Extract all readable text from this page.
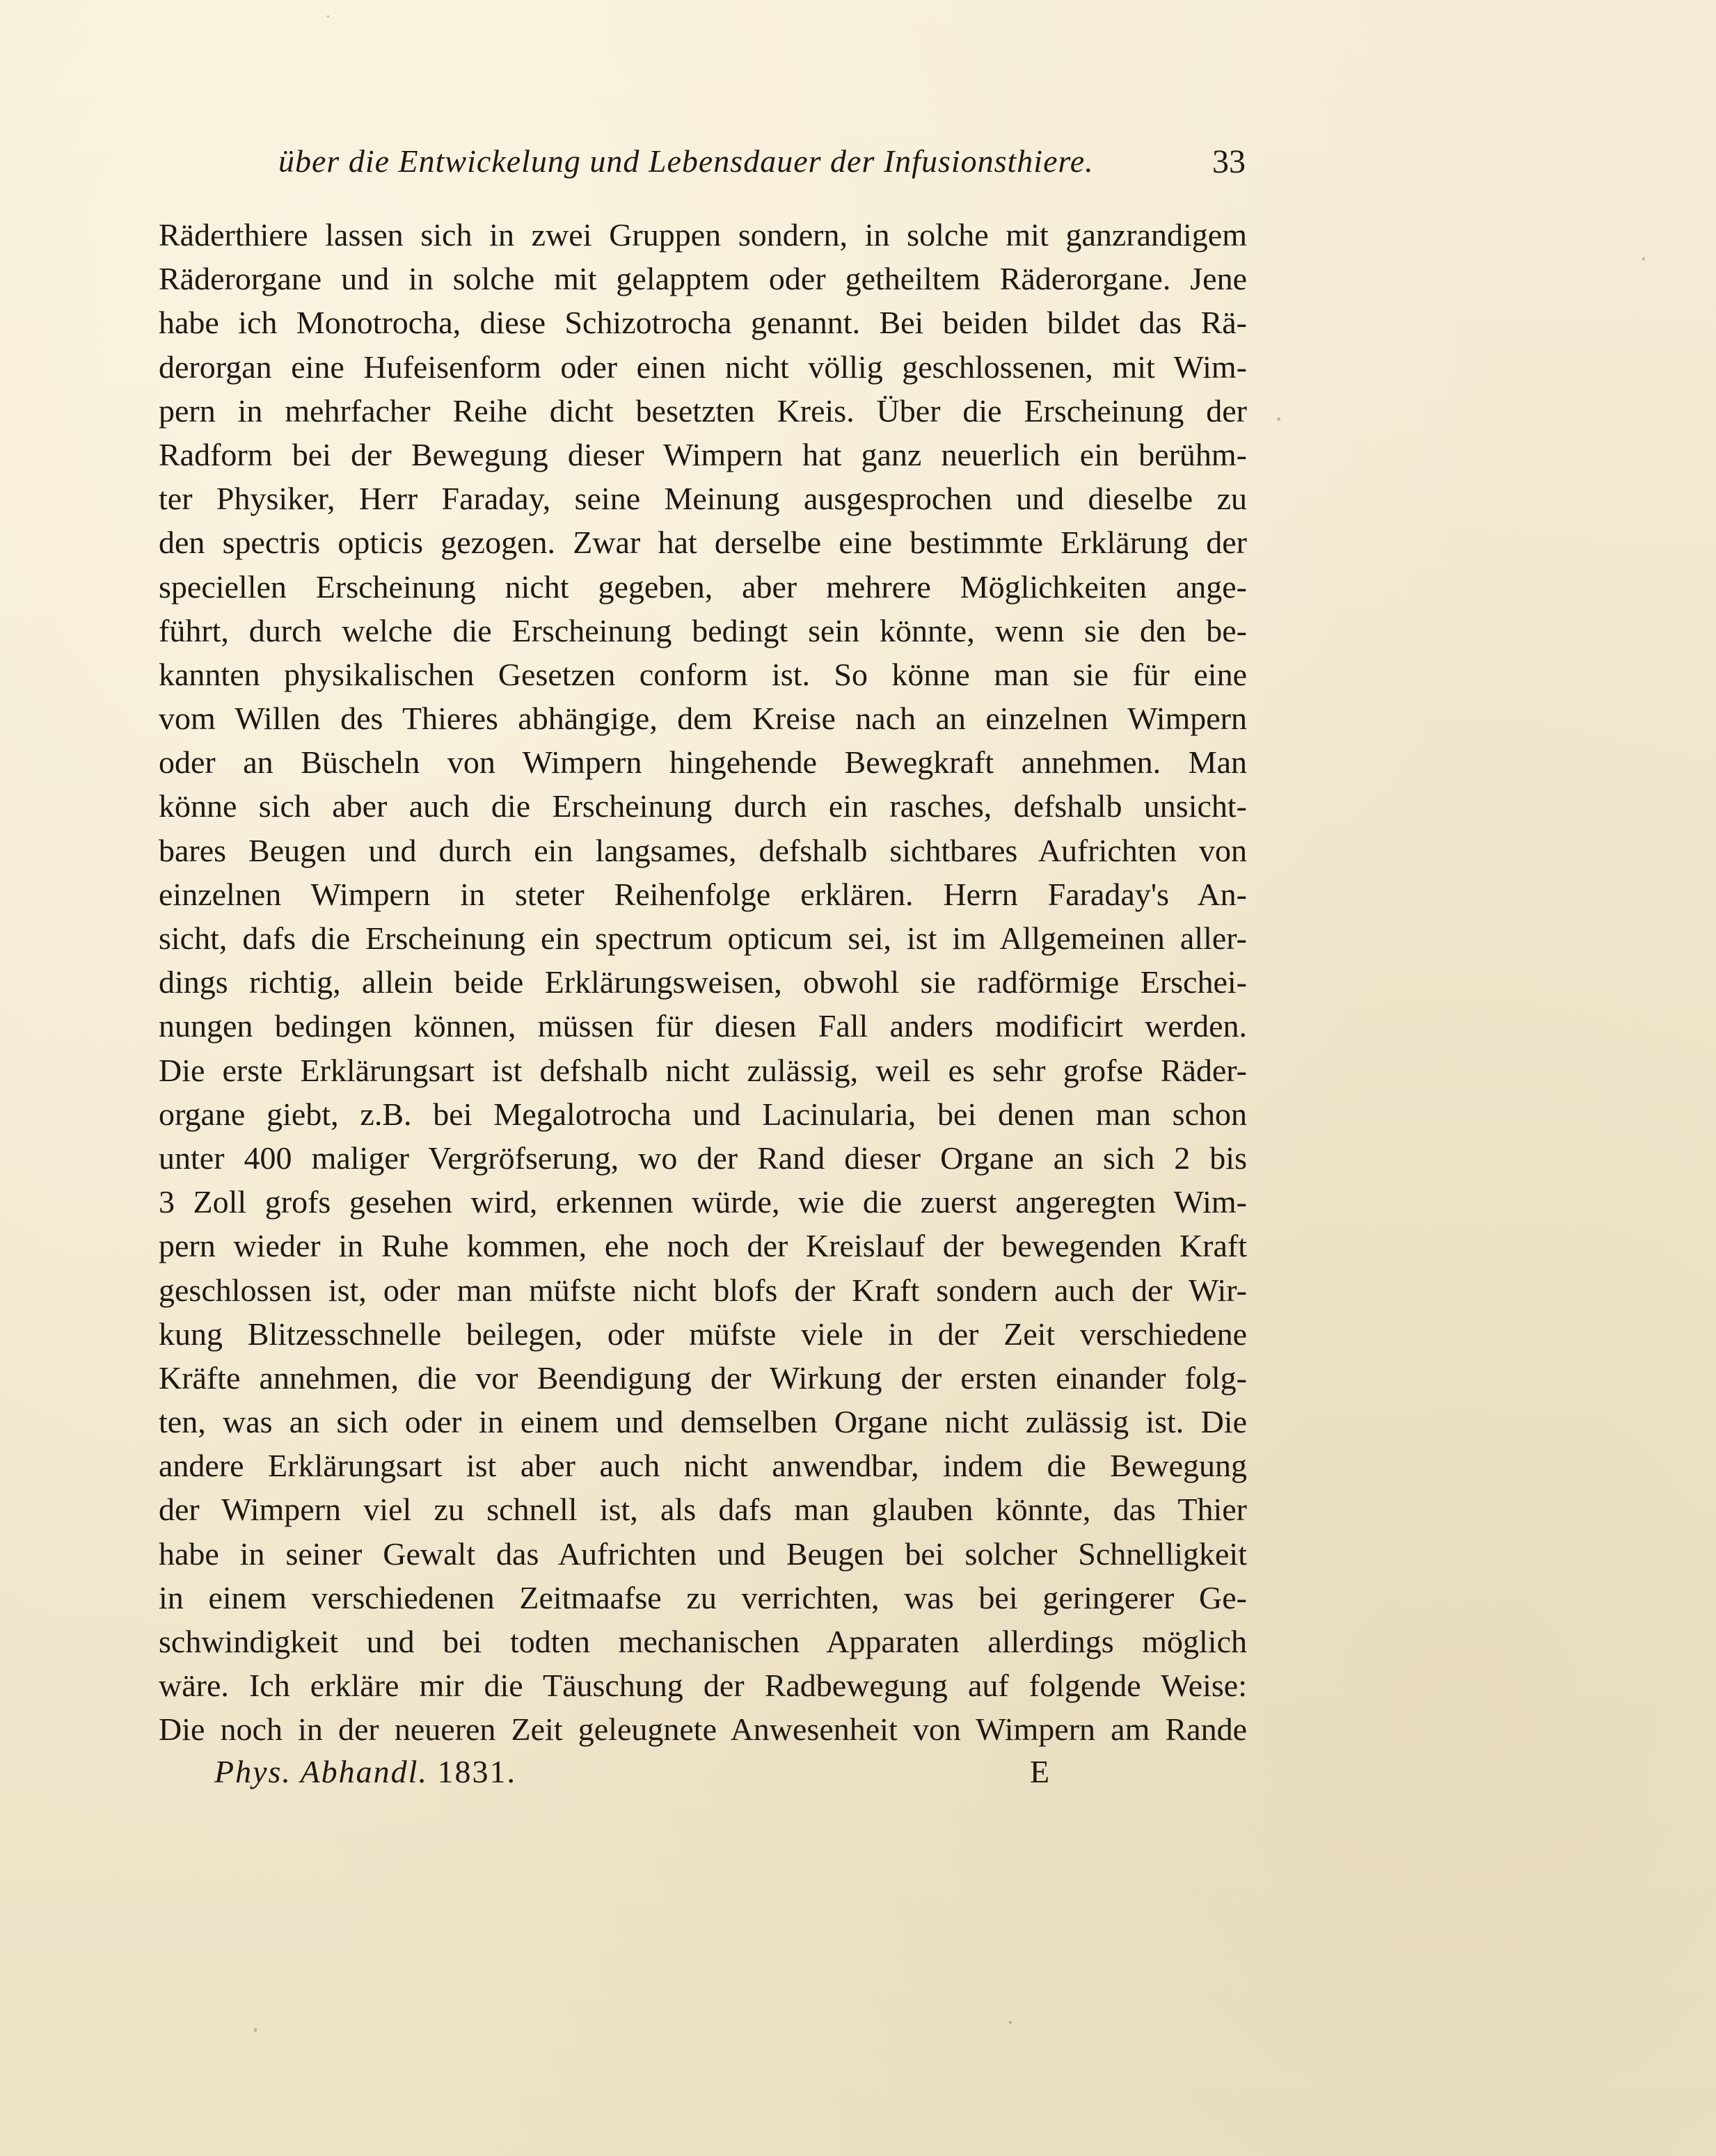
über die Entwickelung und Lebensdauer der Infusionsthiere.	33
Räderthiere lassen sich in zwei Gruppen sondern, in solche mit ganzrandigem
Räderorgane und in solche mit gelapptem oder getheiltem Räderorgane. Jene
habe ich Monotrocha, diese Schizotrocha genannt. Bei beiden bildet das Rä-
derorgan eine Hufeisenform oder einen nicht völlig geschlossenen, mit Wim-
pern in mehrfacher Reihe dicht besetzten Kreis. Über die Erscheinung der
Radform bei der Bewegung dieser Wimpern hat ganz neuerlich ein berühm-
ter Physiker, Herr Faraday, seine Meinung ausgesprochen und dieselbe zu
den spectris opticis gezogen. Zwar hat derselbe eine bestimmte Erklärung der
speciellen Erscheinung nicht gegeben, aber mehrere Möglichkeiten ange-
führt, durch welche die Erscheinung bedingt sein könnte, wenn sie den be-
kannten physikalischen Gesetzen conform ist. So könne man sie für eine
vom Willen des Thieres abhängige, dem Kreise nach an einzelnen Wimpern
oder an Büscheln von Wimpern hingehende Bewegkraft annehmen. Man
könne sich aber auch die Erscheinung durch ein rasches, defshalb unsicht-
bares Beugen und durch ein langsames, defshalb sichtbares Aufrichten von
einzelnen Wimpern in steter Reihenfolge erklären. Herrn Faraday's An-
sicht, dafs die Erscheinung ein spectrum opticum sei, ist im Allgemeinen aller-
dings richtig, allein beide Erklärungsweisen, obwohl sie radförmige Erschei-
nungen bedingen können, müssen für diesen Fall anders modificirt werden.
Die erste Erklärungsart ist defshalb nicht zulässig, weil es sehr grofse Räder-
organe giebt, z.B. bei Megalotrocha und Lacinularia, bei denen man schon
unter 400 maliger Vergröfserung, wo der Rand dieser Organe an sich 2 bis
3 Zoll grofs gesehen wird, erkennen würde, wie die zuerst angeregten Wim-
pern wieder in Ruhe kommen, ehe noch der Kreislauf der bewegenden Kraft
geschlossen ist, oder man müfste nicht blofs der Kraft sondern auch der Wir-
kung Blitzesschnelle beilegen, oder müfste viele in der Zeit verschiedene
Kräfte annehmen, die vor Beendigung der Wirkung der ersten einander folg-
ten, was an sich oder in einem und demselben Organe nicht zulässig ist. Die
andere Erklärungsart ist aber auch nicht anwendbar, indem die Bewegung
der Wimpern viel zu schnell ist, als dafs man glauben könnte, das Thier
habe in seiner Gewalt das Aufrichten und Beugen bei solcher Schnelligkeit
in einem verschiedenen Zeitmaafse zu verrichten, was bei geringerer Ge-
schwindigkeit und bei todten mechanischen Apparaten allerdings möglich
wäre. Ich erkläre mir die Täuschung der Radbewegung auf folgende Weise:
Die noch in der neueren Zeit geleugnete Anwesenheit von Wimpern am Rande
Phys. Abhandl. 1831.	E
